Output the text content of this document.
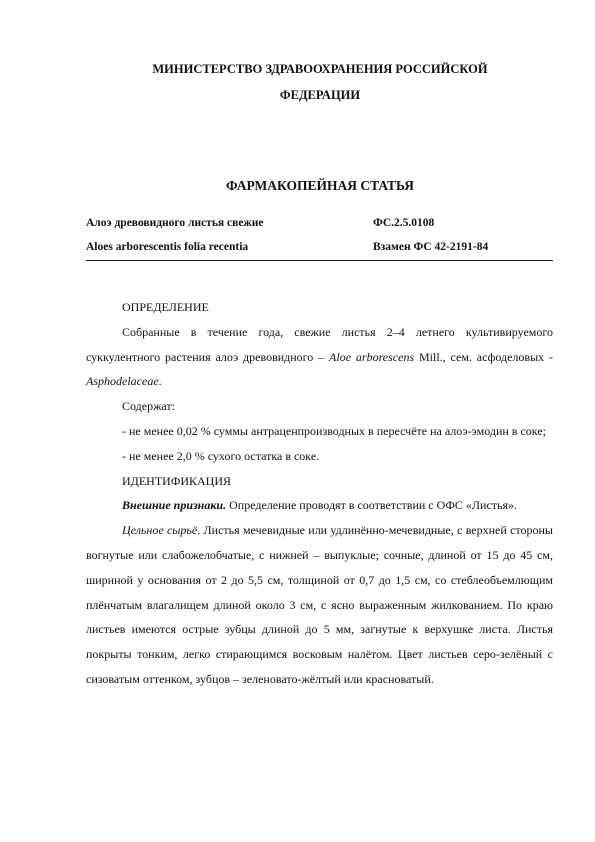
МИНИСТЕРСТВО ЗДРАВООХРАНЕНИЯ РОССИЙСКОЙ
ФЕДЕРАЦИИ
ФАРМАКОПЕЙНАЯ СТАТЬЯ
Алоэ древовидного листья свежие	ФС.2.5.0108
Aloes arborescentis folia recentia	Взамен ФС 42-2191-84

ОПРЕДЕЛЕНИЕ

Собранные в течение года, свежие листья 2–4 летнего культивируемого суккулентного растения алоэ древовидного – Aloe arborescens Mill., сем. асфоделовых - Asphodelaceae.

Содержат:

- не менее 0,02 % суммы антраценпроизводных в пересчёте на алоэ-эмодин в соке;

- не менее 2,0 % сухого остатка в соке.

ИДЕНТИФИКАЦИЯ

Внешние признаки. Определение проводят в соответствии с ОФС «Листья».

Цельное сырьё. Листья мечевидные или удлинённо-мечевидные, с верхней стороны вогнутые или слабожелобчатые, с нижней – выпуклые; сочные, длиной от 15 до 45 см, шириной у основания от 2 до 5,5 см, толщиной от 0,7 до 1,5 см, со стеблеобъемлющим плёнчатым влагалищем длиной около 3 см, с ясно выраженным жилкованием. По краю листьев имеются острые зубцы длиной до 5 мм, загнутые к верхушке листа. Листья покрыты тонким, легко стирающимся восковым налётом. Цвет листьев серо-зелёный с сизоватым оттенком, зубцов – зеленовато-жёлтый или красноватый.
